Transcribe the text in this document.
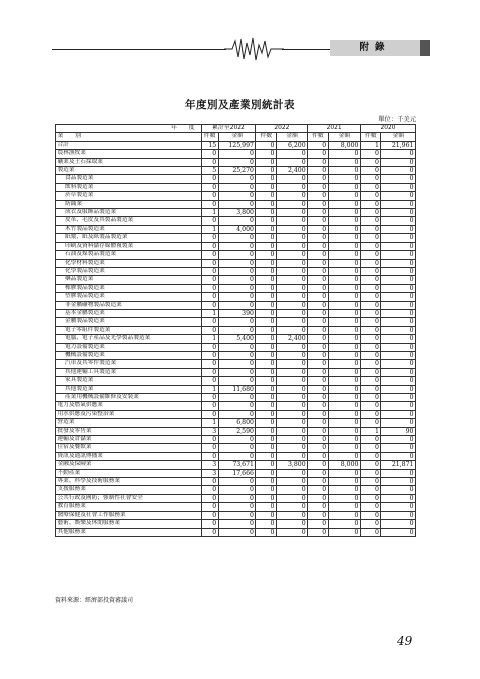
附錄
年度別及產業別統計表
單位：千美元
年　　度	累計至2022		2022		2021		2020	
業　　別	件數	金額	件數	金額	件數	金額	件數	金額
合計	15	125,997	0	6,200	0	8,000	1	21,961
農林漁牧業	0	0	0	0	0	0	0	0
礦業及土石採取業	0	0	0	0	0	0	0	0
製造業	5	25,270	0	2,400	0	0	0	0
食品製造業	0	0	0	0	0	0	0	0
飲料製造業	0	0	0	0	0	0	0	0
菸草製造業	0	0	0	0	0	0	0	0
紡織業	0	0	0	0	0	0	0	0
成衣及服飾品製造業	1	3,800	0	0	0	0	0	0
皮革、毛皮及其製品製造業	0	0	0	0	0	0	0	0
木竹製品製造業	1	4,000	0	0	0	0	0	0
紙漿、紙及紙製品製造業	0	0	0	0	0	0	0	0
印刷及資料儲存媒體複製業	0	0	0	0	0	0	0	0
石油及煤製品製造業	0	0	0	0	0	0	0	0
化學材料製造業	0	0	0	0	0	0	0	0
化學製品製造業	0	0	0	0	0	0	0	0
藥品製造業	0	0	0	0	0	0	0	0
橡膠製品製造業	0	0	0	0	0	0	0	0
塑膠製品製造業	0	0	0	0	0	0	0	0
非金屬礦物製品製造業	0	0	0	0	0	0	0	0
基本金屬製造業	1	390	0	0	0	0	0	0
金屬製品製造業	0	0	0	0	0	0	0	0
電子零組件製造業	0	0	0	0	0	0	0	0
電腦、電子產品及光學製品製造業	1	5,400	0	2,400	0	0	0	0
電力設備製造業	0	0	0	0	0	0	0	0
機械設備製造業	0	0	0	0	0	0	0	0
汽車及其零件製造業	0	0	0	0	0	0	0	0
其他運輸工具製造業	0	0	0	0	0	0	0	0
家具製造業	0	0	0	0	0	0	0	0
其他製造業	1	11,680	0	0	0	0	0	0
產業用機械設備維修及安裝業	0	0	0	0	0	0	0	0
電力及燃氣供應業	0	0	0	0	0	0	0	0
用水供應及污染整治業	0	0	0	0	0	0	0	0
營造業	1	6,800	0	0	0	0	0	0
批發及零售業	3	2,590	0	0	0	0	1	90
運輸及倉儲業	0	0	0	0	0	0	0	0
住宿及餐飲業	0	0	0	0	0	0	0	0
資訊及通訊傳播業	0	0	0	0	0	0	0	0
金融及保險業	3	73,671	0	3,800	0	8,000	0	21,871
不動產業	3	17,666	0	0	0	0	0	0
專業、科學及技術服務業	0	0	0	0	0	0	0	0
支援服務業	0	0	0	0	0	0	0	0
公共行政及國防；強制性社會安全	0	0	0	0	0	0	0	0
教育服務業	0	0	0	0	0	0	0	0
醫療保健及社會工作服務業	0	0	0	0	0	0	0	0
藝術、娛樂及休閒服務業	0	0	0	0	0	0	0	0
其他服務業	0	0	0	0	0	0	0	0
資料來源：經濟部投資審議司
49
